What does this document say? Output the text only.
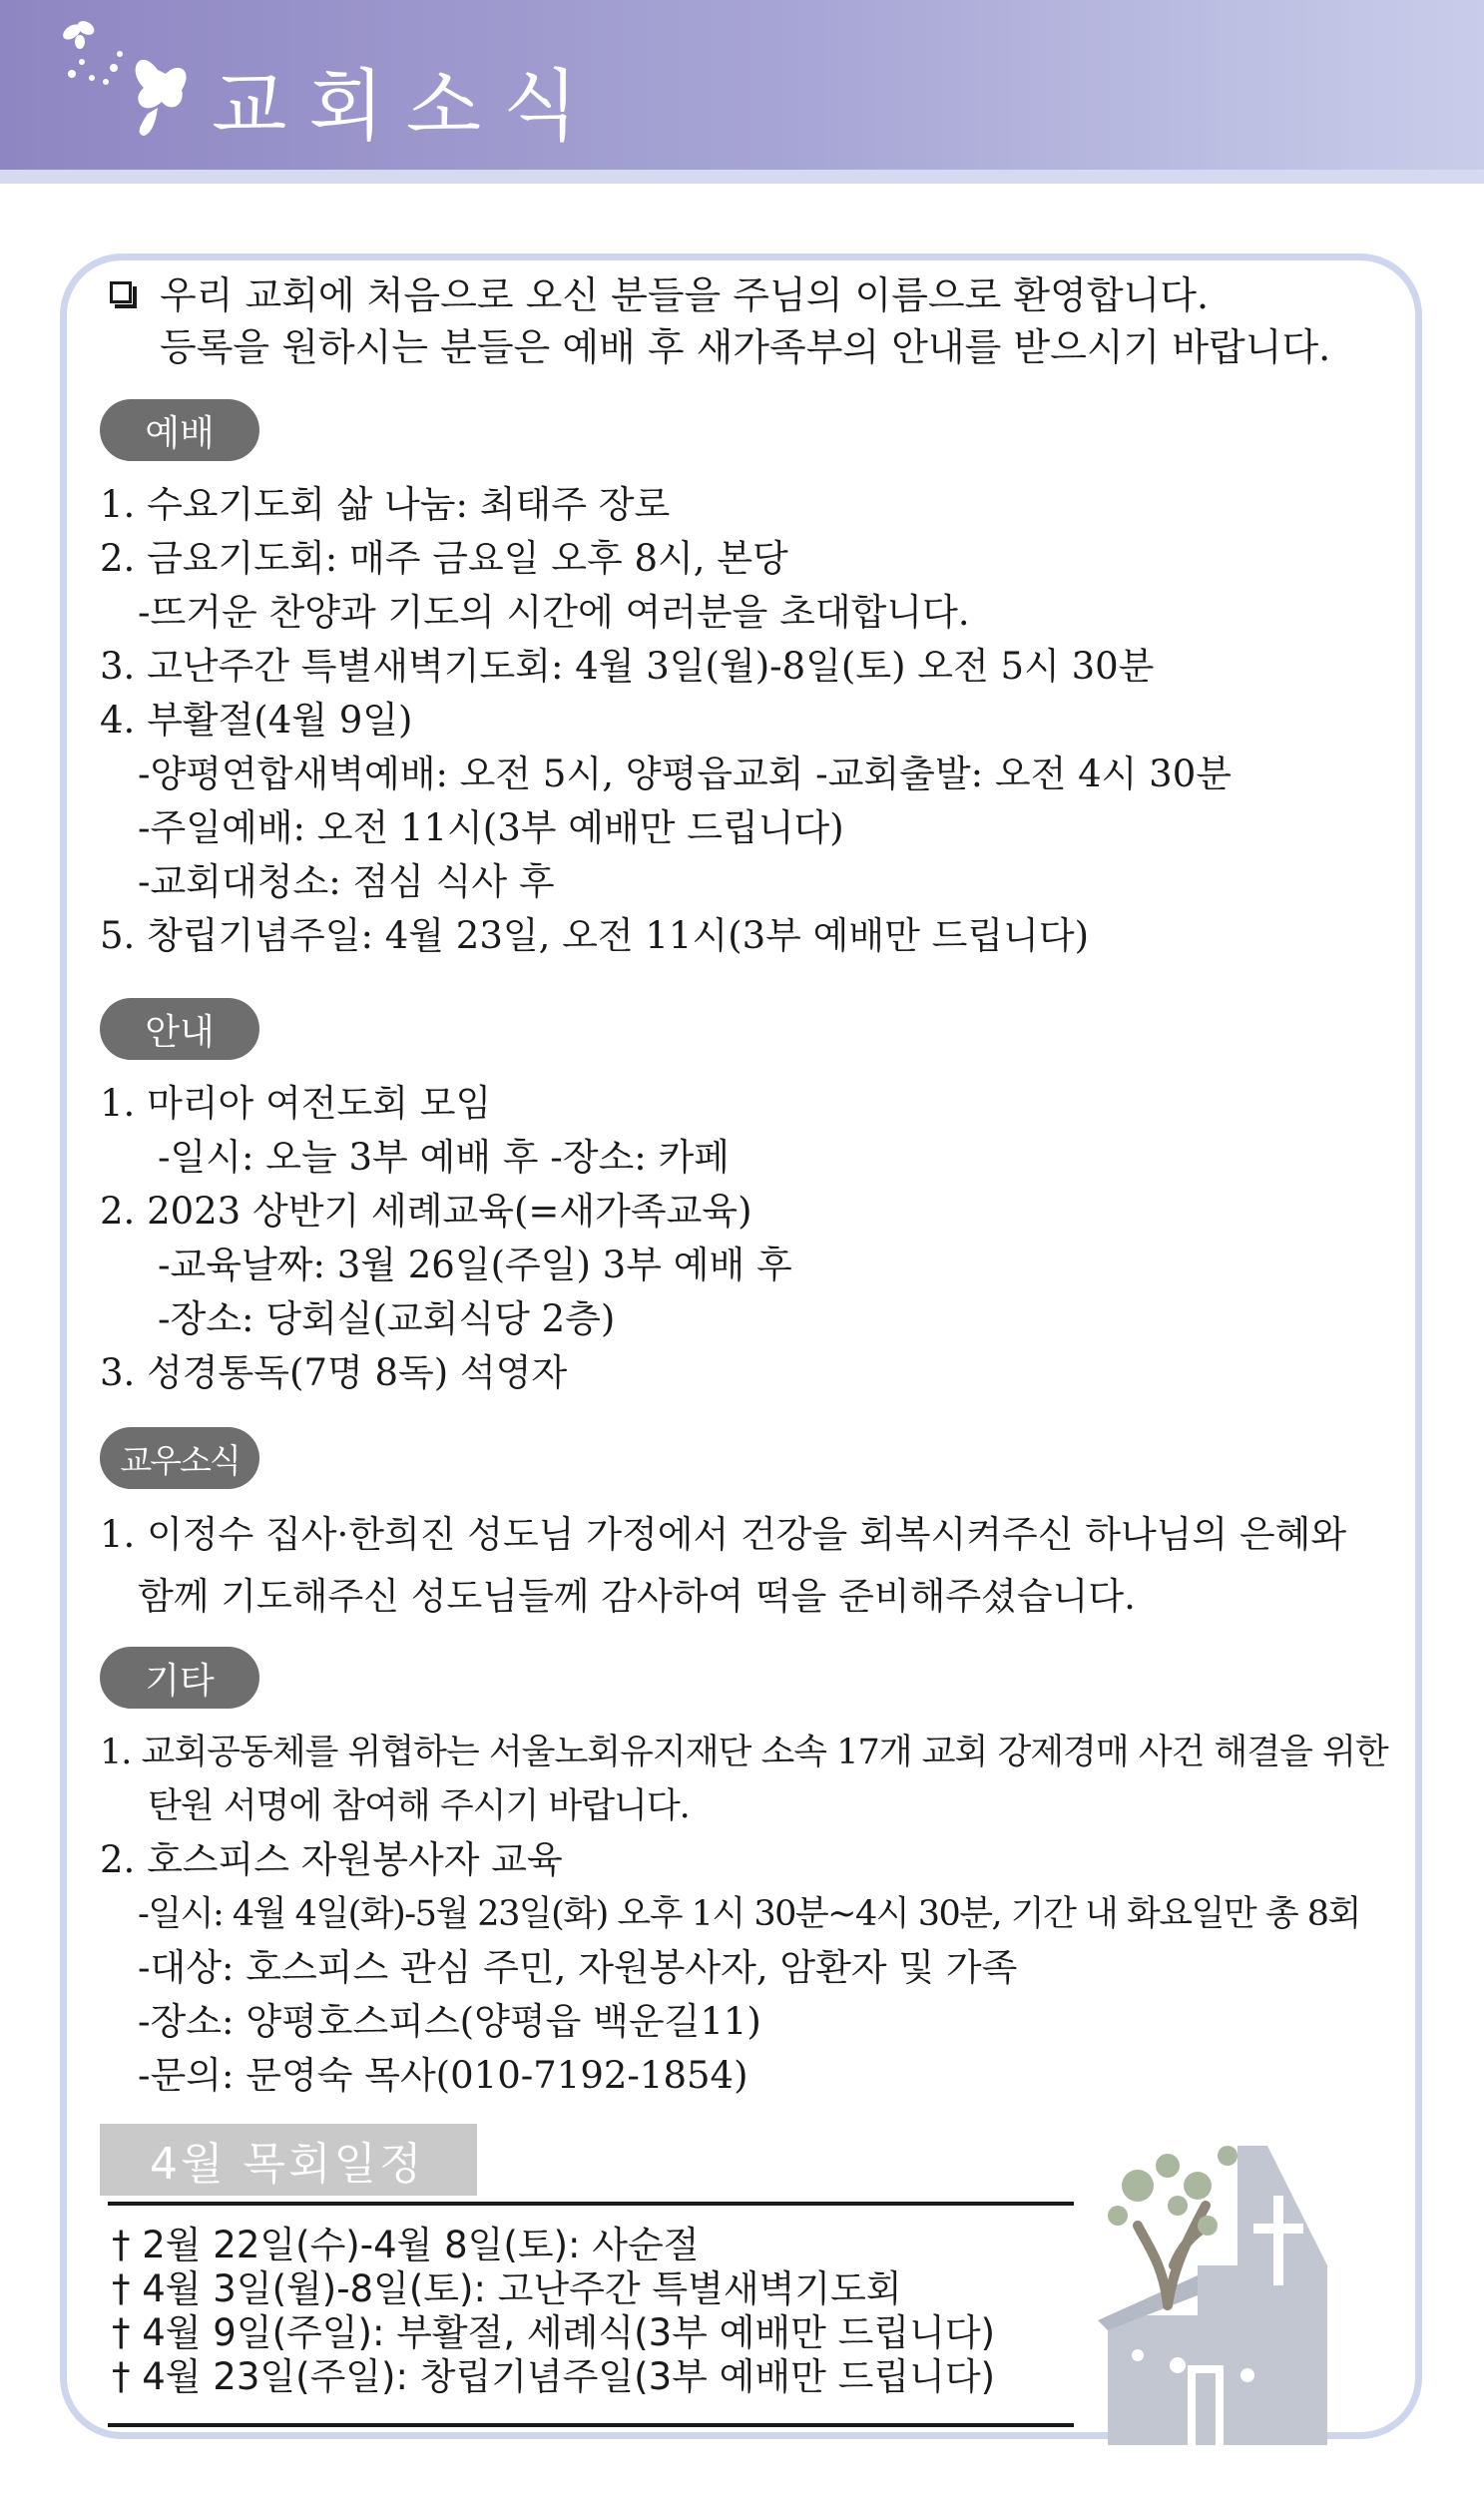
교회소식
우리 교회에 처음으로 오신 분들을 주님의 이름으로 환영합니다.
등록을 원하시는 분들은 예배 후 새가족부의 안내를 받으시기 바랍니다.
예배
1. 수요기도회 삶 나눔: 최태주 장로
2. 금요기도회: 매주 금요일 오후 8시, 본당
-뜨거운 찬양과 기도의 시간에 여러분을 초대합니다.
3. 고난주간 특별새벽기도회: 4월 3일(월)-8일(토) 오전 5시 30분
4. 부활절(4월 9일)
-양평연합새벽예배: 오전 5시, 양평읍교회 -교회출발: 오전 4시 30분
-주일예배: 오전 11시(3부 예배만 드립니다)
-교회대청소: 점심 식사 후
5. 창립기념주일: 4월 23일, 오전 11시(3부 예배만 드립니다)
안내
1. 마리아 여전도회 모임
-일시: 오늘 3부 예배 후 -장소: 카페
2. 2023 상반기 세례교육(=새가족교육)
-교육날짜: 3월 26일(주일) 3부 예배 후
-장소: 당회실(교회식당 2층)
3. 성경통독(7명 8독) 석영자
교우소식
1. 이정수 집사·한희진 성도님 가정에서 건강을 회복시켜주신 하나님의 은혜와
함께 기도해주신 성도님들께 감사하여 떡을 준비해주셨습니다.
기타
1. 교회공동체를 위협하는 서울노회유지재단 소속 17개 교회 강제경매 사건 해결을 위한
탄원 서명에 참여해 주시기 바랍니다.
2. 호스피스 자원봉사자 교육
-일시: 4월 4일(화)-5월 23일(화) 오후 1시 30분~4시 30분, 기간 내 화요일만 총 8회
-대상: 호스피스 관심 주민, 자원봉사자, 암환자 및 가족
-장소: 양평호스피스(양평읍 백운길11)
-문의: 문영숙 목사(010-7192-1854)
4월 목회일정
† 2월 22일(수)-4월 8일(토): 사순절
† 4월 3일(월)-8일(토): 고난주간 특별새벽기도회
† 4월 9일(주일): 부활절, 세례식(3부 예배만 드립니다)
† 4월 23일(주일): 창립기념주일(3부 예배만 드립니다)
